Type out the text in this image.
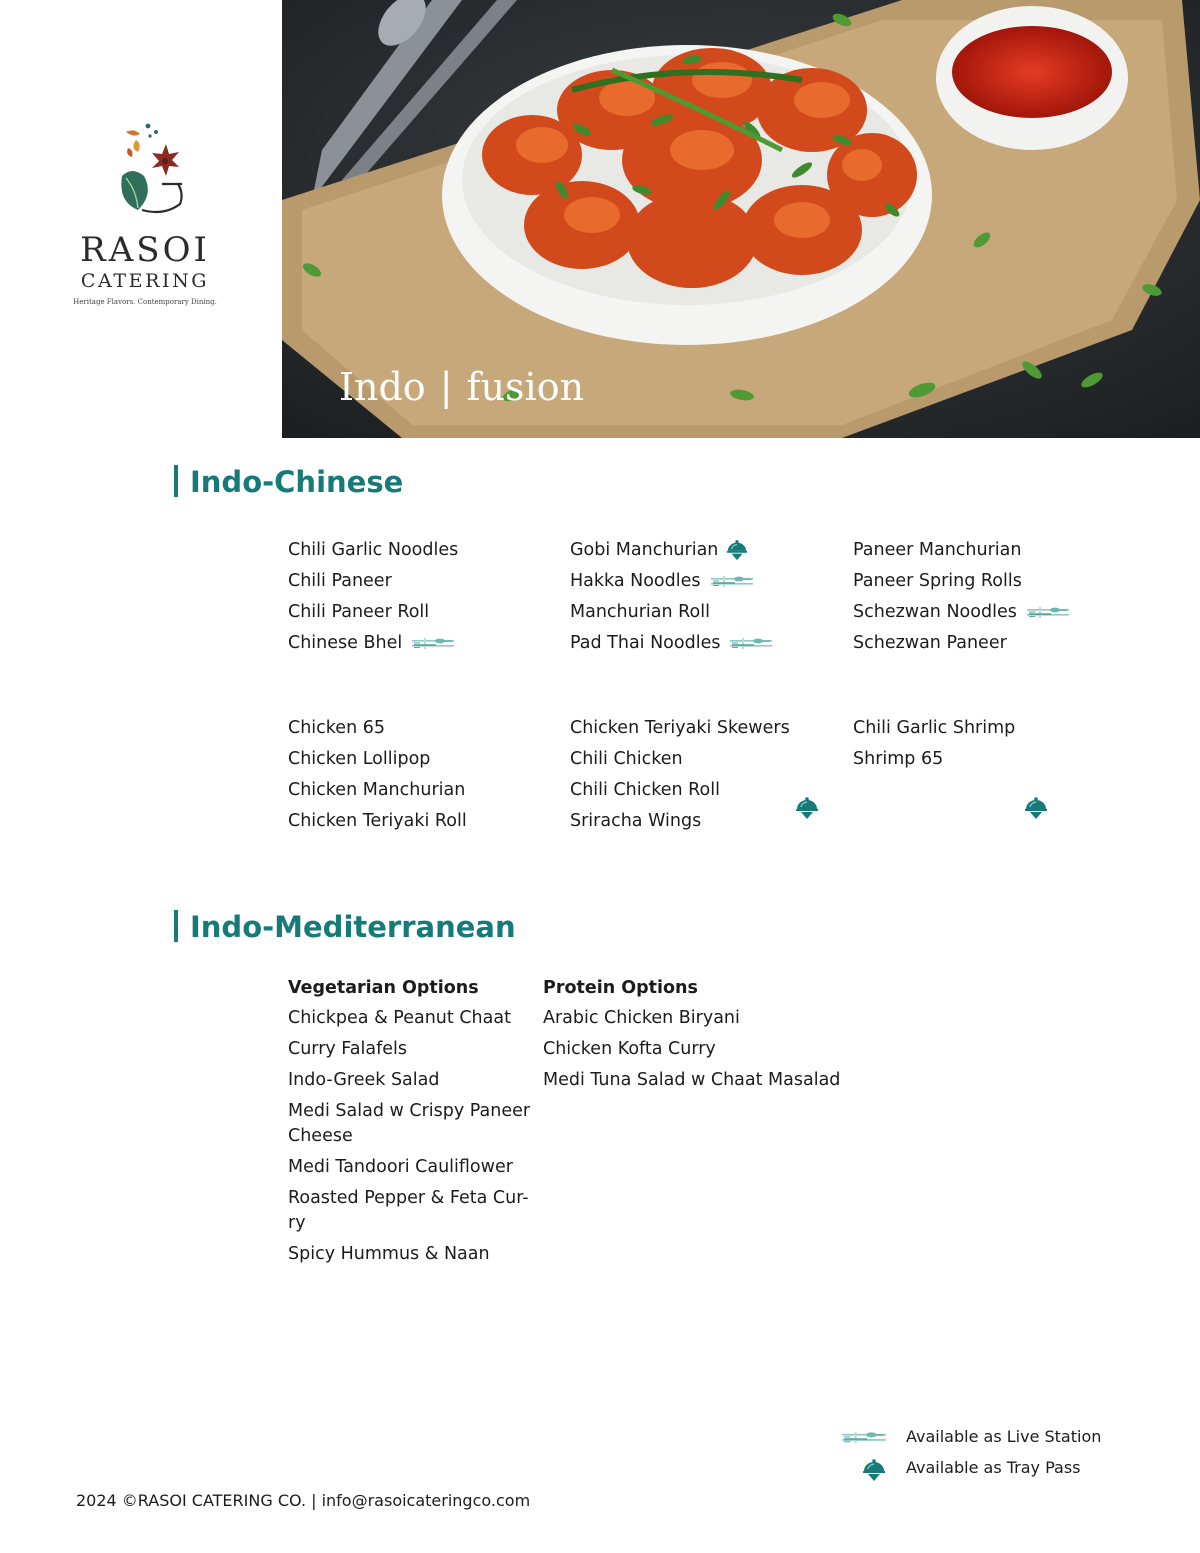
RASOI
CATERING
Heritage Flavors. Contemporary Dining.
Indo | fusion
Indo-Chinese
Chili Garlic Noodles
Chili Paneer
Chili Paneer Roll
Chinese Bhel
Gobi Manchurian
Hakka Noodles
Manchurian Roll
Pad Thai Noodles
Paneer Manchurian
Paneer Spring Rolls
Schezwan Noodles
Schezwan Paneer
Chicken 65
Chicken Lollipop
Chicken Manchurian
Chicken Teriyaki Roll
Chicken Teriyaki Skewers
Chili Chicken
Chili Chicken Roll
Sriracha Wings
Chili Garlic Shrimp
Shrimp 65
Indo-Mediterranean
Vegetarian Options
Chickpea & Peanut Chaat
Curry Falafels
Indo-Greek Salad
Medi Salad w Crispy Paneer Cheese
Medi Tandoori Cauliflower
Roasted Pepper & Feta Cur-ry
Spicy Hummus & Naan
Protein Options
Arabic Chicken Biryani
Chicken Kofta Curry
Medi Tuna Salad w Chaat Masalad
Available as Live Station
Available as Tray Pass
2024 ©RASOI CATERING CO. | info@rasoicateringco.com
